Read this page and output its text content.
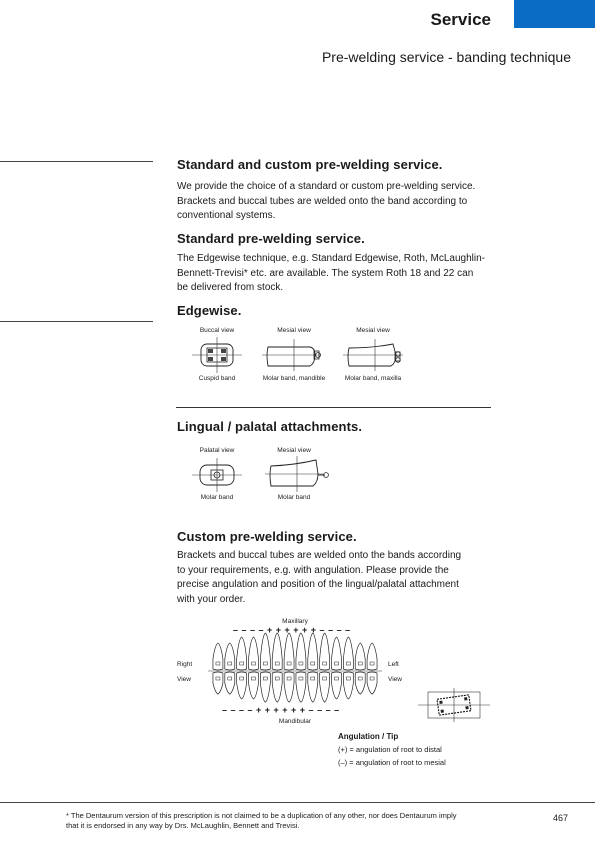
Service
Pre-welding service - banding technique
Standard and custom pre-welding service.

We provide the choice of a standard or custom pre-welding service.
Brackets and buccal tubes are welded onto the band according to
conventional systems.

Standard pre-welding service.

The Edgewise technique, e.g. Standard Edgewise, Roth, McLaughlin-
Bennett-Trevisi* etc. are available. The system Roth 18 and 22 can
be delivered from stock.

Edgewise.
Buccal view	Mesial view	Mesial view
Cuspid band	Molar band, mandible	Molar band, maxilla
Lingual / palatal attachments.
Palatal view	Mesial view
Molar band	Molar band
Custom pre-welding service.

Brackets and buccal tubes are welded onto the bands according
to your requirements, e.g. with angulation. Please provide the
precise angulation and position of the lingual/palatal attachment
with your order.

Maxillary
– – – – + + + + + + – – – –
Right
View
Left
View
– – – – + + + + + + – – – –
Mandibular
Angulation / Tip
(+) = angulation of root to distal
(–) = angulation of root to mesial
* The Dentaurum version of this prescription is not claimed to be a duplication of any other, nor does Dentaurum imply
that it is endorsed in any way by Drs. McLaughlin, Bennett and Trevisi.
467
